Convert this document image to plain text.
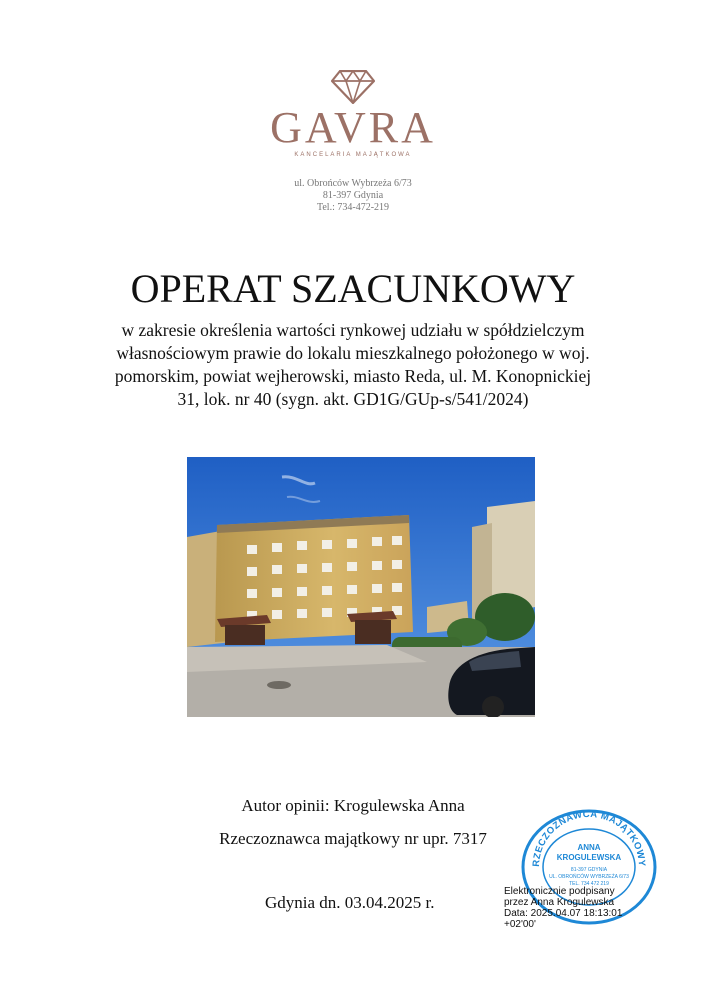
GAVRA
KANCELARIA MAJĄTKOWA
ul. Obrońców Wybrzeża 6/73
81-397 Gdynia
Tel.: 734-472-219
OPERAT SZACUNKOWY
w zakresie określenia wartości rynkowej udziału w spółdzielczym
własnościowym prawie do lokalu mieszkalnego położonego w woj.
pomorskim, powiat wejherowski, miasto Reda, ul. M. Konopnickiej
31, lok. nr 40 (sygn. akt. GD1G/GUp-s/541/2024)
Autor opinii: Krogulewska Anna
Rzeczoznawca majątkowy nr upr. 7317
Gdynia dn. 03.04.2025 r.
RZECZOZNAWCA MAJĄTKOWY
ANNA
KROGULEWSKA
81-397 GDYNIA
UL. OBROŃCÓW WYBRZEŻA 6/73
TEL. 734 472 219
Elektronicznie podpisany
przez Anna Krogulewska
Data: 2025.04.07 18:13:01
+02'00'
